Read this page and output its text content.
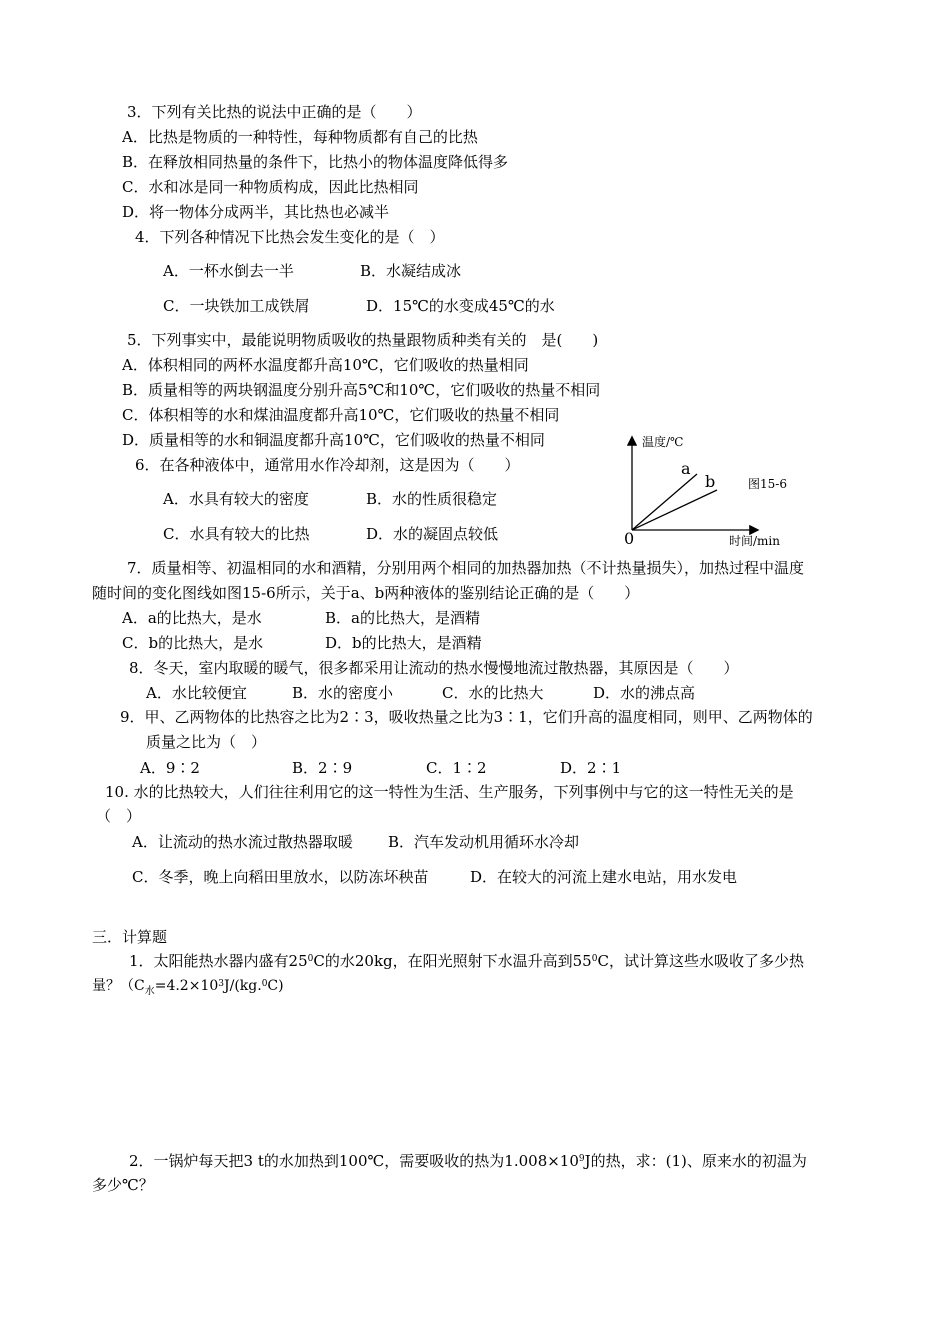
3．下列有关比热的说法中正确的是（　　）
A．比热是物质的一种特性，每种物质都有自己的比热
B．在释放相同热量的条件下，比热小的物体温度降低得多
C．水和冰是同一种物质构成，因此比热相同
D．将一物体分成两半，其比热也必减半
4．下列各种情况下比热会发生变化的是（　）
A．一杯水倒去一半	B．水凝结成冰
C．一块铁加工成铁屑	D．15℃的水变成45℃的水
5．下列事实中，最能说明物质吸收的热量跟物质种类有关的　是(　　)
A．体积相同的两杯水温度都升高10℃，它们吸收的热量相同
B．质量相等的两块钢温度分别升高5℃和10℃，它们吸收的热量不相同
C．体积相等的水和煤油温度都升高10℃，它们吸收的热量不相同
D．质量相等的水和铜温度都升高10℃，它们吸收的热量不相同
6．在各种液体中，通常用水作冷却剂，这是因为（　　）
A．水具有较大的密度	B．水的性质很稳定
C．水具有较大的比热	D．水的凝固点较低
温度/℃
时间/min
0
a
b	图15-6
7．质量相等、初温相同的水和酒精，分别用两个相同的加热器加热（不计热量损失），加热过程中温度
随时间的变化图线如图15-6所示，关于a、b两种液体的鉴别结论正确的是（　　）
A．a的比热大，是水	B．a的比热大，是酒精
C．b的比热大，是水	D．b的比热大，是酒精
8．冬天，室内取暖的暖气，很多都采用让流动的热水慢慢地流过散热器，其原因是（　　）
A．水比较便宜	B．水的密度小	C．水的比热大	D．水的沸点高
9．甲、乙两物体的比热容之比为2∶3，吸收热量之比为3∶1，它们升高的温度相同，则甲、乙两物体的
质量之比为（　）
A．9∶2	B．2∶9	C．1∶2	D．2∶1
10. 水的比热较大，人们往往利用它的这一特性为生活、生产服务，下列事例中与它的这一特性无关的是
（　）
A．让流动的热水流过散热器取暖 B．汽车发动机用循环水冷却
C．冬季，晚上向稻田里放水，以防冻坏秧苗	D．在较大的河流上建水电站，用水发电
三．计算题
1．太阳能热水器内盛有$25^0C$的水20kg，在阳光照射下水温升高到$55^0C$，试计算这些水吸收了多少热
量？（$C_水=4.2\times 10^3J/(kg.^0C)$
2．一锅炉每天把3 t的水加热到100℃，需要吸收的热为$1.008\times 10^9J$的热，求：(1)、原来水的初温为
多少℃？
